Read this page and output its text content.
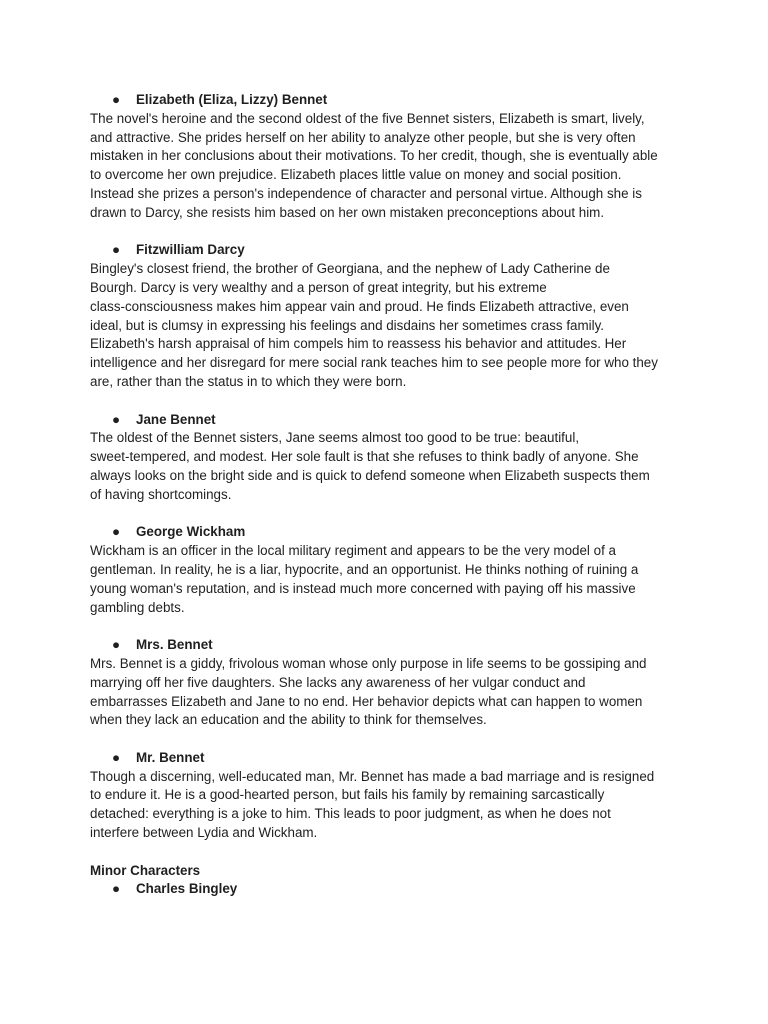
● Elizabeth (Eliza, Lizzy) Bennet

The novel's heroine and the second oldest of the five Bennet sisters, Elizabeth is smart, lively,

and attractive. She prides herself on her ability to analyze other people, but she is very often

mistaken in her conclusions about their motivations. To her credit, though, she is eventually able

to overcome her own prejudice. Elizabeth places little value on money and social position.

Instead she prizes a person's independence of character and personal virtue. Although she is

drawn to Darcy, she resists him based on her own mistaken preconceptions about him.

● Fitzwilliam Darcy

Bingley's closest friend, the brother of Georgiana, and the nephew of Lady Catherine de

Bourgh. Darcy is very wealthy and a person of great integrity, but his extreme

class-consciousness makes him appear vain and proud. He finds Elizabeth attractive, even

ideal, but is clumsy in expressing his feelings and disdains her sometimes crass family.

Elizabeth's harsh appraisal of him compels him to reassess his behavior and attitudes. Her

intelligence and her disregard for mere social rank teaches him to see people more for who they

are, rather than the status in to which they were born.

● Jane Bennet

The oldest of the Bennet sisters, Jane seems almost too good to be true: beautiful,

sweet-tempered, and modest. Her sole fault is that she refuses to think badly of anyone. She

always looks on the bright side and is quick to defend someone when Elizabeth suspects them

of having shortcomings.

● George Wickham

Wickham is an officer in the local military regiment and appears to be the very model of a

gentleman. In reality, he is a liar, hypocrite, and an opportunist. He thinks nothing of ruining a

young woman's reputation, and is instead much more concerned with paying off his massive

gambling debts.

● Mrs. Bennet

Mrs. Bennet is a giddy, frivolous woman whose only purpose in life seems to be gossiping and

marrying off her five daughters. She lacks any awareness of her vulgar conduct and

embarrasses Elizabeth and Jane to no end. Her behavior depicts what can happen to women

when they lack an education and the ability to think for themselves.

● Mr. Bennet

Though a discerning, well-educated man, Mr. Bennet has made a bad marriage and is resigned

to endure it. He is a good-hearted person, but fails his family by remaining sarcastically

detached: everything is a joke to him. This leads to poor judgment, as when he does not

interfere between Lydia and Wickham.

Minor Characters
● Charles Bingley
